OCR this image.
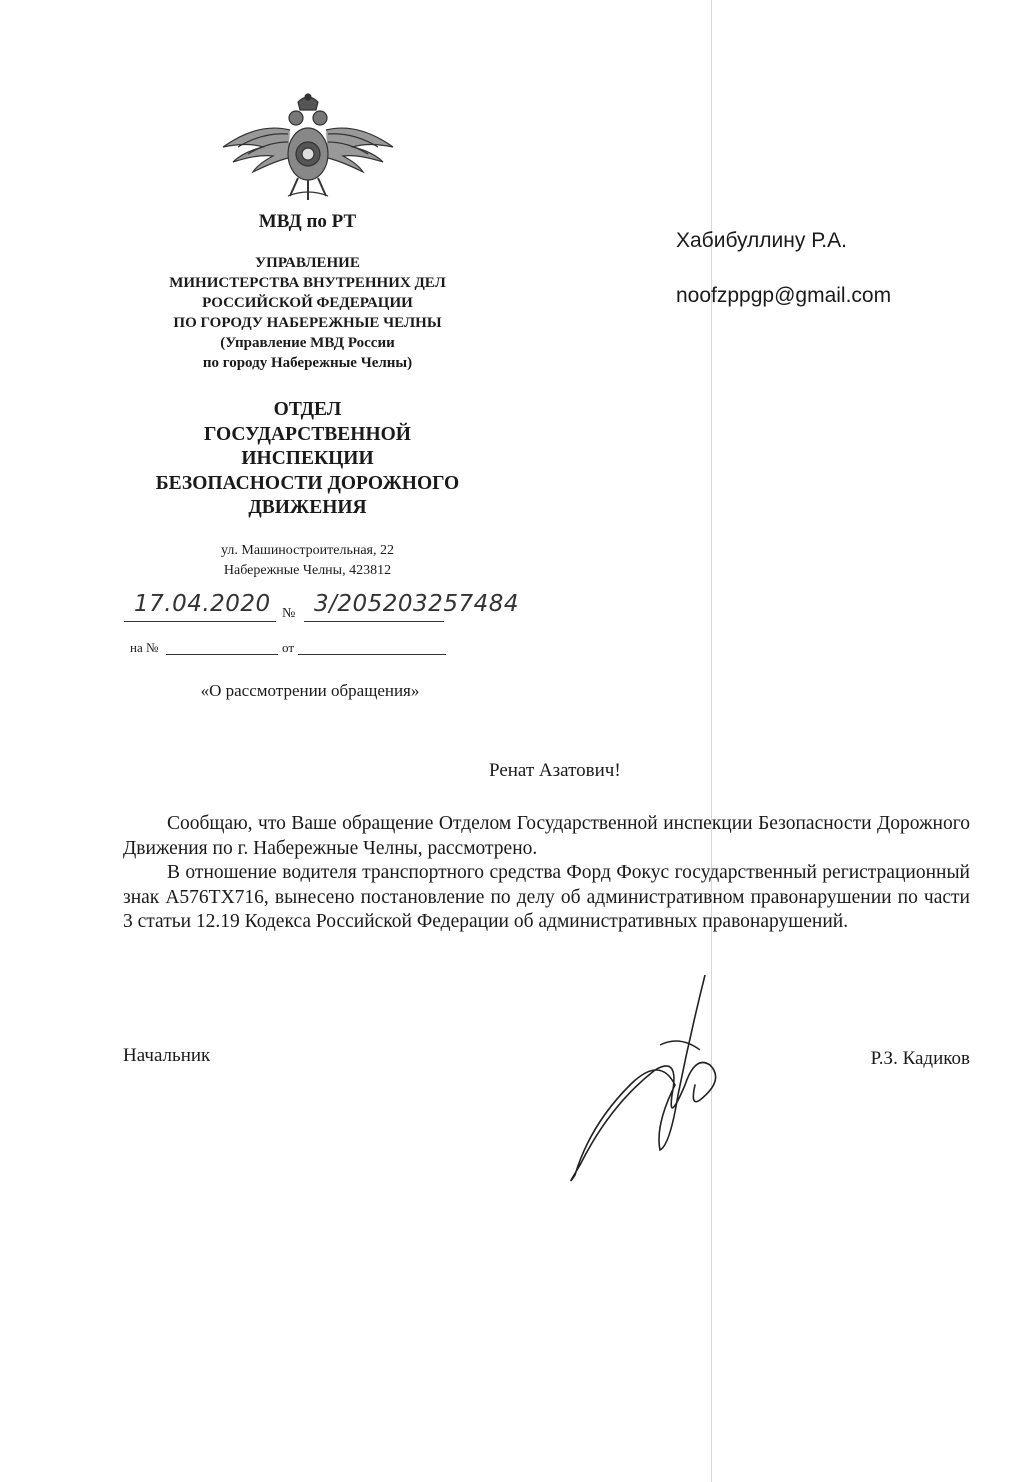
МВД по РТ
УПРАВЛЕНИЕ
МИНИСТЕРСТВА ВНУТРЕННИХ ДЕЛ
РОССИЙСКОЙ ФЕДЕРАЦИИ
ПО ГОРОДУ НАБЕРЕЖНЫЕ ЧЕЛНЫ
(Управление МВД России
по городу Набережные Челны)
ОТДЕЛ
ГОСУДАРСТВЕННОЙ
ИНСПЕКЦИИ
БЕЗОПАСНОСТИ ДОРОЖНОГО
ДВИЖЕНИЯ
ул. Машиностроительная, 22
Набережные Челны, 423812
17.04.2020 № 3/205203257484
на №	от
«О рассмотрении обращения»
Хабибуллину Р.А.
noofzppgp@gmail.com
Ренат Азатович!

Сообщаю, что Ваше обращение Отделом Государственной инспекции Безопасности Дорожного Движения по г. Набережные Челны, рассмотрено.

В отношение водителя транспортного средства Форд Фокус государственный регистрационный знак А576ТХ716, вынесено постановление по делу об административном правонарушении по части 3 статьи 12.19 Кодекса Российской Федерации об административных правонарушений.

Начальник	Р.З. Кадиков
